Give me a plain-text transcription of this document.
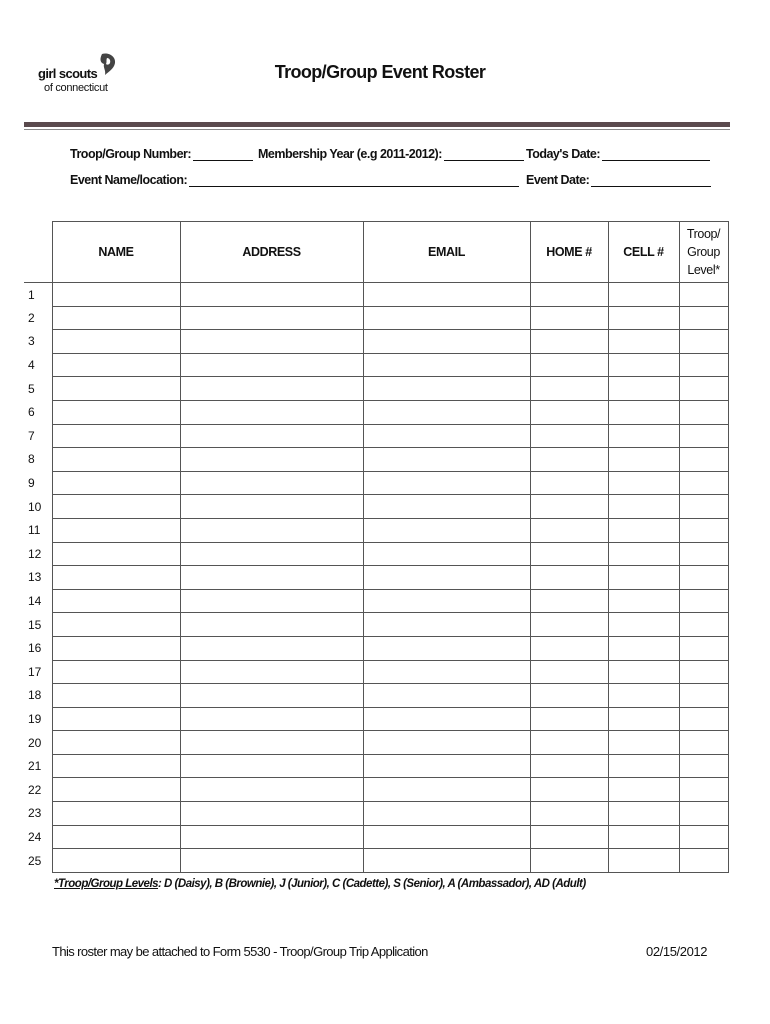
girl scouts
of connecticut
Troop/Group Event Roster
Troop/Group Number:	Membership Year (e.g 2011-2012):	Today's Date:
Event Name/location:	Event Date:
	NAME	ADDRESS	EMAIL	HOME #	CELL #	Troop/
Group
Level*

1						
2						
3						
4						
5						
6						
7						
8						
9						
10						
11						
12						
13						
14						
15						
16						
17						
18						
19						
20						
21						
22						
23						
24						
25						
*Troop/Group Levels: D (Daisy), B (Brownie), J (Junior), C (Cadette), S (Senior), A (Ambassador), AD (Adult)
This roster may be attached to Form 5530 - Troop/Group Trip Application	02/15/2012
